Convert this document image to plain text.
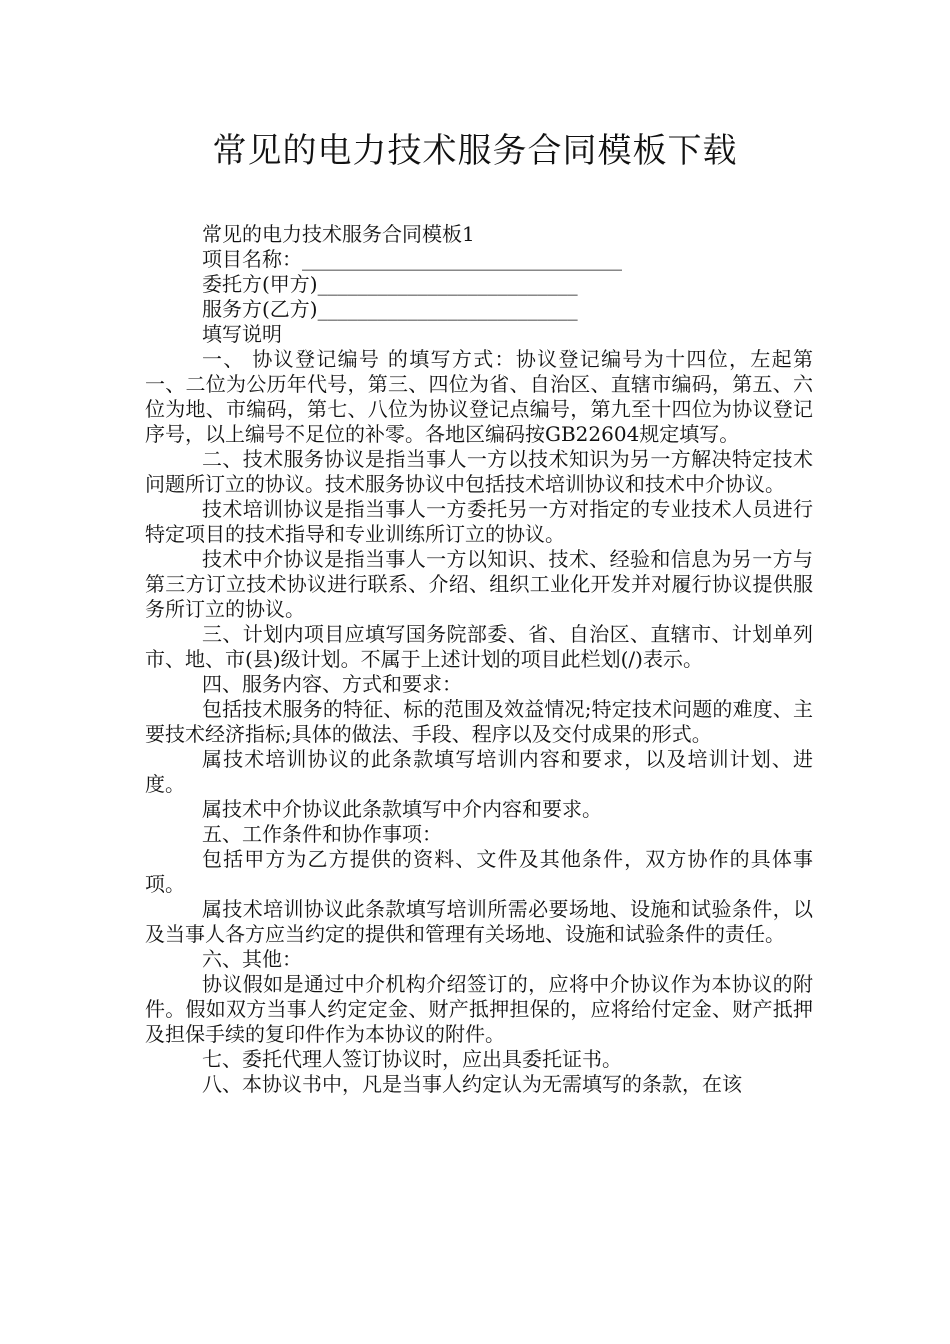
常见的电力技术服务合同模板下载
常见的电力技术服务合同模板1
项目名称：________________________________
委托方(甲方)__________________________
服务方(乙方)__________________________
填写说明
一、 协议登记编号 的填写方式：协议登记编号为十四位，左起第一、二位为公历年代号，第三、四位为省、自治区、直辖市编码，第五、六位为地、市编码，第七、八位为协议登记点编号，第九至十四位为协议登记序号，以上编号不足位的补零。各地区编码按GB22604规定填写。
二、技术服务协议是指当事人一方以技术知识为另一方解决特定技术问题所订立的协议。技术服务协议中包括技术培训协议和技术中介协议。
技术培训协议是指当事人一方委托另一方对指定的专业技术人员进行特定项目的技术指导和专业训练所订立的协议。
技术中介协议是指当事人一方以知识、技术、经验和信息为另一方与第三方订立技术协议进行联系、介绍、组织工业化开发并对履行协议提供服务所订立的协议。
三、计划内项目应填写国务院部委、省、自治区、直辖市、计划单列市、地、市(县)级计划。不属于上述计划的项目此栏划(/)表示。
四、服务内容、方式和要求：
包括技术服务的特征、标的范围及效益情况;特定技术问题的难度、主要技术经济指标;具体的做法、手段、程序以及交付成果的形式。
属技术培训协议的此条款填写培训内容和要求，以及培训计划、进度。
属技术中介协议此条款填写中介内容和要求。
五、工作条件和协作事项：
包括甲方为乙方提供的资料、文件及其他条件，双方协作的具体事项。
属技术培训协议此条款填写培训所需必要场地、设施和试验条件，以及当事人各方应当约定的提供和管理有关场地、设施和试验条件的责任。
六、其他：
协议假如是通过中介机构介绍签订的，应将中介协议作为本协议的附件。假如双方当事人约定定金、财产抵押担保的，应将给付定金、财产抵押及担保手续的复印件作为本协议的附件。
七、委托代理人签订协议时，应出具委托证书。
八、本协议书中，凡是当事人约定认为无需填写的条款，在该
